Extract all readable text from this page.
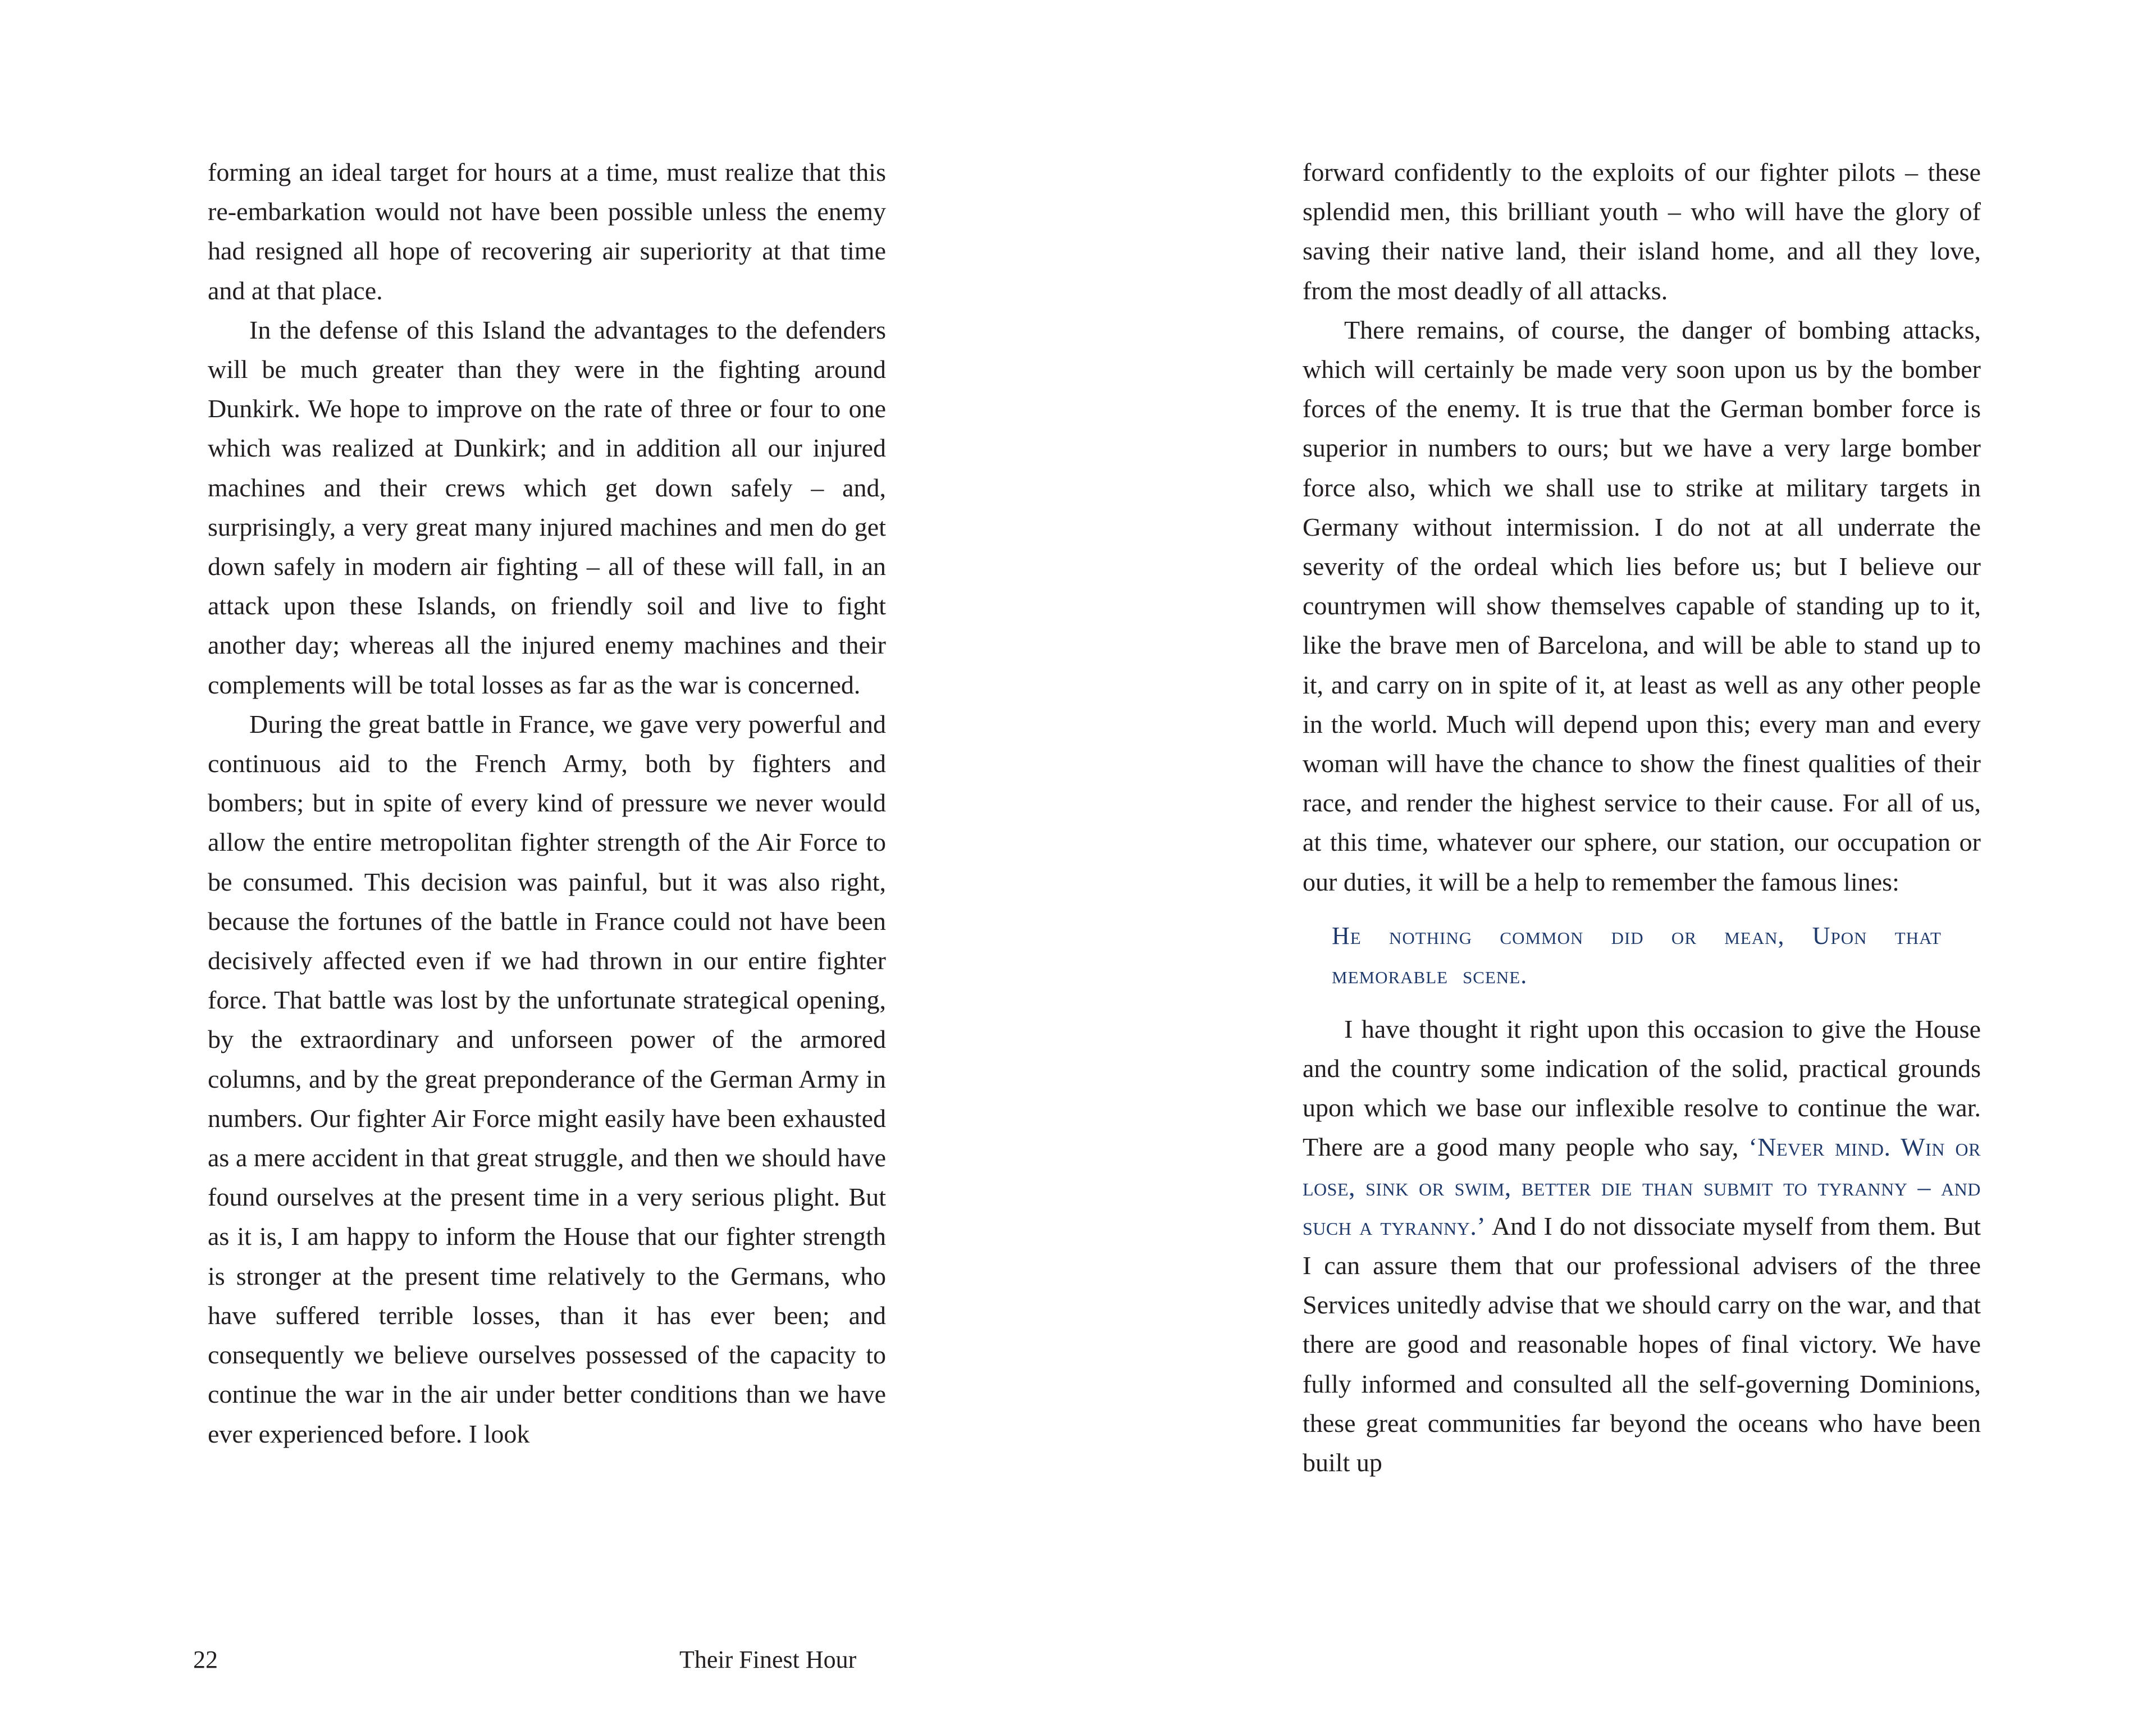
forming an ideal target for hours at a time, must realize that this re-embarkation would not have been possible unless the enemy had resigned all hope of recovering air superiority at that time and at that place.

In the defense of this Island the advantages to the defenders will be much greater than they were in the fighting around Dunkirk. We hope to improve on the rate of three or four to one which was realized at Dunkirk; and in addition all our injured machines and their crews which get down safely – and, surprisingly, a very great many injured machines and men do get down safely in modern air fighting – all of these will fall, in an attack upon these Islands, on friendly soil and live to fight another day; whereas all the injured enemy machines and their complements will be total losses as far as the war is concerned.

During the great battle in France, we gave very powerful and continuous aid to the French Army, both by fighters and bombers; but in spite of every kind of pressure we never would allow the entire metropolitan fighter strength of the Air Force to be consumed. This decision was painful, but it was also right, because the fortunes of the battle in France could not have been decisively affected even if we had thrown in our entire fighter force. That battle was lost by the unfortunate strategical opening, by the extraordinary and unforseen power of the armored columns, and by the great preponderance of the German Army in numbers. Our fighter Air Force might easily have been exhausted as a mere accident in that great struggle, and then we should have found ourselves at the present time in a very serious plight. But as it is, I am happy to inform the House that our fighter strength is stronger at the present time relatively to the Germans, who have suffered terrible losses, than it has ever been; and consequently we believe ourselves possessed of the capacity to continue the war in the air under better conditions than we have ever experienced before. I look

22	Their Finest Hour

forward confidently to the exploits of our fighter pilots – these splendid men, this brilliant youth – who will have the glory of saving their native land, their island home, and all they love, from the most deadly of all attacks.

There remains, of course, the danger of bombing attacks, which will certainly be made very soon upon us by the bomber forces of the enemy. It is true that the German bomber force is superior in numbers to ours; but we have a very large bomber force also, which we shall use to strike at military targets in Germany without intermission. I do not at all underrate the severity of the ordeal which lies before us; but I believe our countrymen will show themselves capable of standing up to it, like the brave men of Barcelona, and will be able to stand up to it, and carry on in spite of it, at least as well as any other people in the world. Much will depend upon this; every man and every woman will have the chance to show the finest qualities of their race, and render the highest service to their cause. For all of us, at this time, whatever our sphere, our station, our occupation or our duties, it will be a help to remember the famous lines:

He nothing common did or mean, Upon that memorable scene.

I have thought it right upon this occasion to give the House and the country some indication of the solid, practical grounds upon which we base our inflexible resolve to continue the war. There are a good many people who say, ‘Never mind. Win or lose, sink or swim, better die than submit to tyranny – and such a tyranny.’ And I do not dissociate myself from them. But I can assure them that our professional advisers of the three Services unitedly advise that we should carry on the war, and that there are good and reasonable hopes of final victory. We have fully informed and consulted all the self-governing Dominions, these great communities far beyond the oceans who have been built up
